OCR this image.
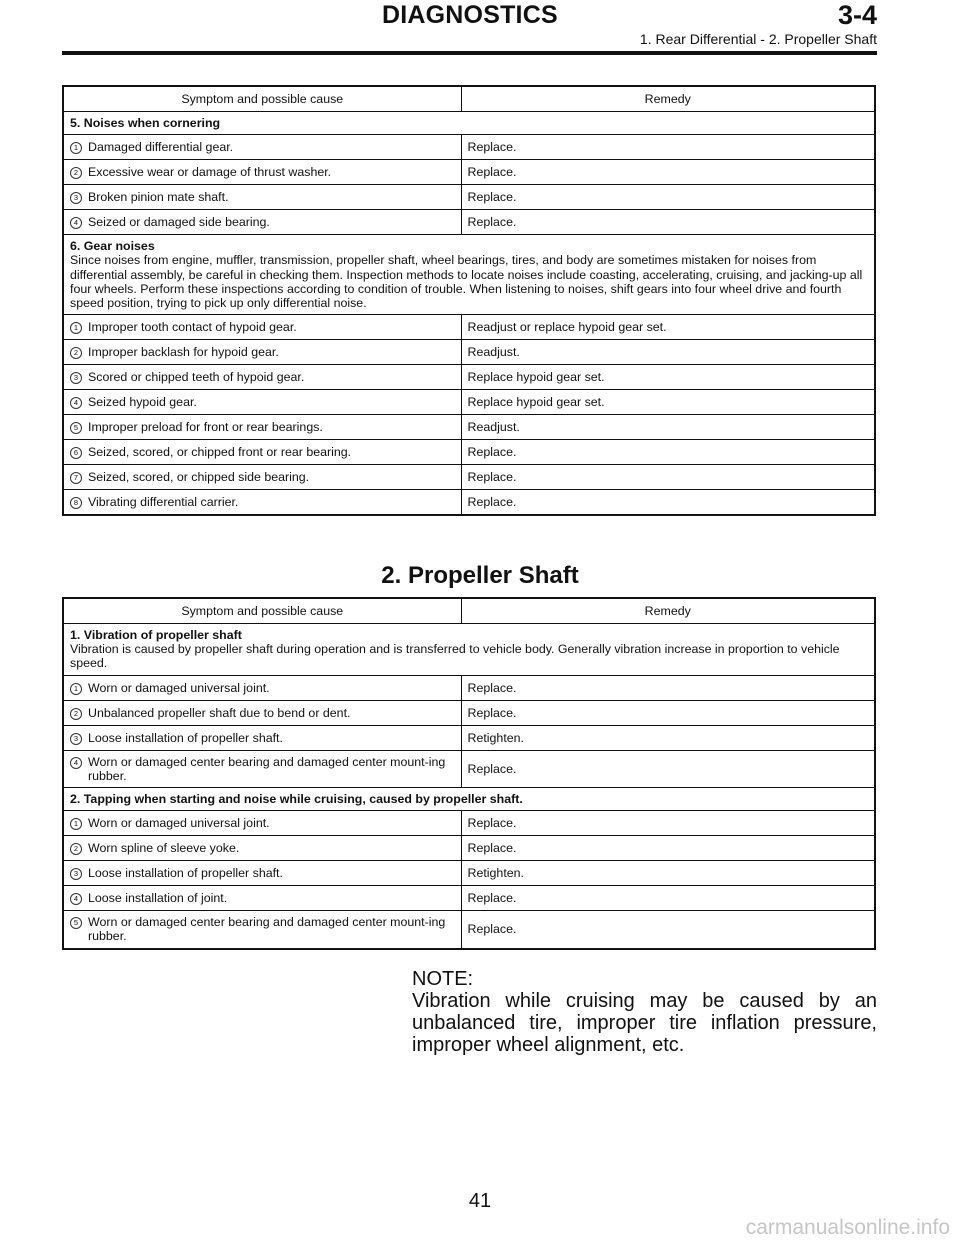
DIAGNOSTICS	3-4
1. Rear Differential - 2. Propeller Shaft
Symptom and possible cause	Remedy

5. Noises when cornering	

1 Damaged differential gear.	Replace.

2 Excessive wear or damage of thrust washer.	Replace.

3 Broken pinion mate shaft.	Replace.

4 Seized or damaged side bearing.	Replace.

6. Gear noises
Since noises from engine, muffler, transmission, propeller shaft, wheel bearings, tires, and body are sometimes mistaken for noises from differential assembly, be careful in checking them. Inspection methods to locate noises include coasting, accelerating, cruising, and jacking-up all four wheels. Perform these inspections according to condition of trouble. When listening to noises, shift gears into four wheel drive and fourth speed position, trying to pick up only differential noise.	

1 Improper tooth contact of hypoid gear.	Readjust or replace hypoid gear set.

2 Improper backlash for hypoid gear.	Readjust.

3 Scored or chipped teeth of hypoid gear.	Replace hypoid gear set.

4 Seized hypoid gear.	Replace hypoid gear set.

5 Improper preload for front or rear bearings.	Readjust.

6 Seized, scored, or chipped front or rear bearing.	Replace.

7 Seized, scored, or chipped side bearing.	Replace.

8 Vibrating differential carrier.	Replace.
2. Propeller Shaft
Symptom and possible cause	Remedy

1. Vibration of propeller shaft
Vibration is caused by propeller shaft during operation and is transferred to vehicle body. Generally vibration increase in proportion to vehicle speed.	

1 Worn or damaged universal joint.	Replace.

2 Unbalanced propeller shaft due to bend or dent.	Replace.

3 Loose installation of propeller shaft.	Retighten.

4 Worn or damaged center bearing and damaged center mount-ing rubber.	Replace.

2. Tapping when starting and noise while cruising, caused by propeller shaft.	

1 Worn or damaged universal joint.	Replace.

2 Worn spline of sleeve yoke.	Replace.

3 Loose installation of propeller shaft.	Retighten.

4 Loose installation of joint.	Replace.

5 Worn or damaged center bearing and damaged center mount-ing rubber.	Replace.
NOTE:
Vibration while cruising may be caused by an unbalanced tire, improper tire inflation pressure, improper wheel alignment, etc.
41
carmanualsonline.info
